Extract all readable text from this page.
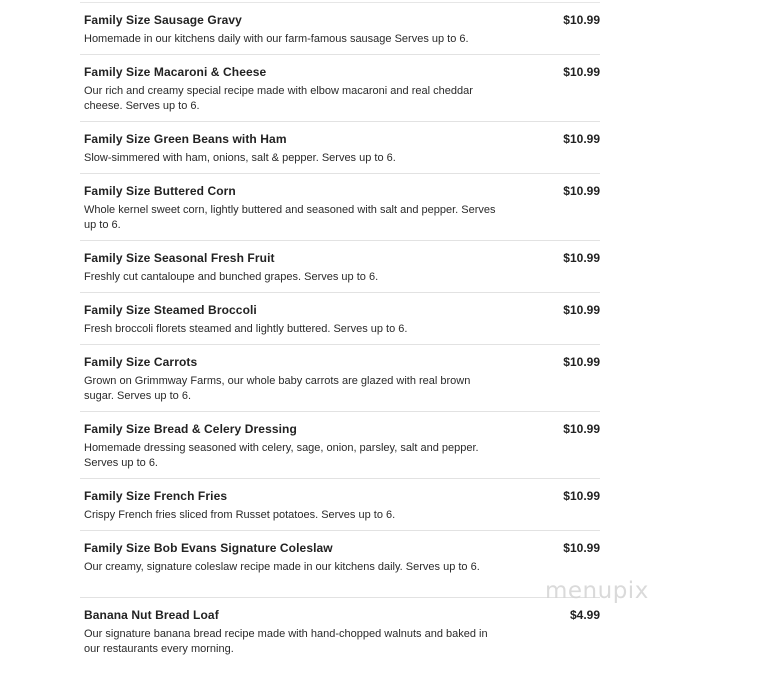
Family Size Sausage Gravy	$10.99
Homemade in our kitchens daily with our farm-famous sausage Serves up to 6.
Family Size Macaroni & Cheese	$10.99
Our rich and creamy special recipe made with elbow macaroni and real cheddar cheese. Serves up to 6.
Family Size Green Beans with Ham	$10.99
Slow-simmered with ham, onions, salt & pepper. Serves up to 6.
Family Size Buttered Corn	$10.99
Whole kernel sweet corn, lightly buttered and seasoned with salt and pepper. Serves up to 6.
Family Size Seasonal Fresh Fruit	$10.99
Freshly cut cantaloupe and bunched grapes. Serves up to 6.
Family Size Steamed Broccoli	$10.99
Fresh broccoli florets steamed and lightly buttered. Serves up to 6.
Family Size Carrots	$10.99
Grown on Grimmway Farms, our whole baby carrots are glazed with real brown sugar. Serves up to 6.
Family Size Bread & Celery Dressing	$10.99
Homemade dressing seasoned with celery, sage, onion, parsley, salt and pepper. Serves up to 6.
Family Size French Fries	$10.99
Crispy French fries sliced from Russet potatoes. Serves up to 6.
Family Size Bob Evans Signature Coleslaw	$10.99
Our creamy, signature coleslaw recipe made in our kitchens daily. Serves up to 6.
Banana Nut Bread Loaf	$4.99
Our signature banana bread recipe made with hand-chopped walnuts and baked in our restaurants every morning.
menupix
